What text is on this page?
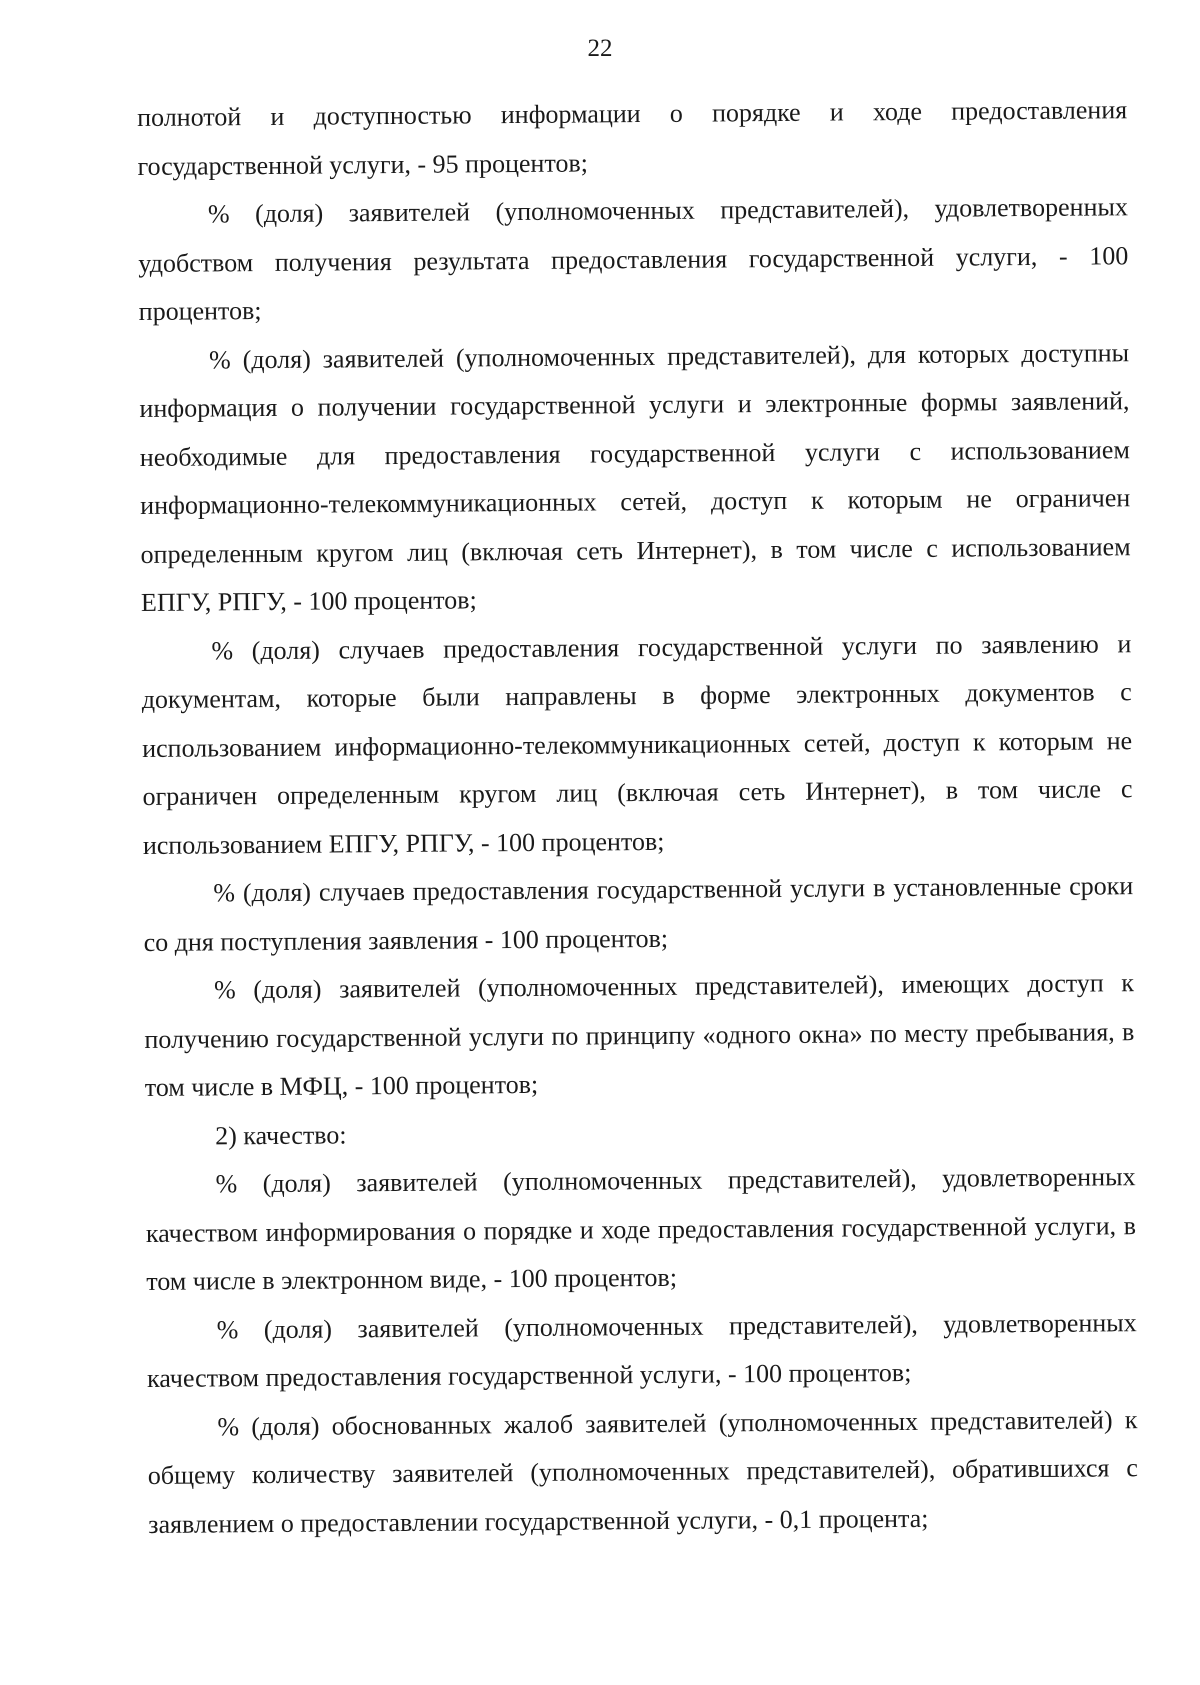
22

полнотой и доступностью информации о порядке и ходе предоставления государственной услуги, - 95 процентов;

% (доля) заявителей (уполномоченных представителей), удовлетворенных удобством получения результата предоставления государственной услуги, - 100 процентов;

% (доля) заявителей (уполномоченных представителей), для которых доступны информация о получении государственной услуги и электронные формы заявлений, необходимые для предоставления государственной услуги с использованием информационно-телекоммуникационных сетей, доступ к которым не ограничен определенным кругом лиц (включая сеть Интернет), в том числе с использованием ЕПГУ, РПГУ, - 100 процентов;

% (доля) случаев предоставления государственной услуги по заявлению и документам, которые были направлены в форме электронных документов с использованием информационно-телекоммуникационных сетей, доступ к которым не ограничен определенным кругом лиц (включая сеть Интернет), в том числе с использованием ЕПГУ, РПГУ, - 100 процентов;

% (доля) случаев предоставления государственной услуги в установленные сроки со дня поступления заявления - 100 процентов;

% (доля) заявителей (уполномоченных представителей), имеющих доступ к получению государственной услуги по принципу «одного окна» по месту пребывания, в том числе в МФЦ, - 100 процентов;

2) качество:

% (доля) заявителей (уполномоченных представителей), удовлетворенных качеством информирования о порядке и ходе предоставления государственной услуги, в том числе в электронном виде, - 100 процентов;

% (доля) заявителей (уполномоченных представителей), удовлетворенных качеством предоставления государственной услуги, - 100 процентов;

% (доля) обоснованных жалоб заявителей (уполномоченных представителей) к общему количеству заявителей (уполномоченных представителей), обратившихся с заявлением о предоставлении государственной услуги, - 0,1 процента;
